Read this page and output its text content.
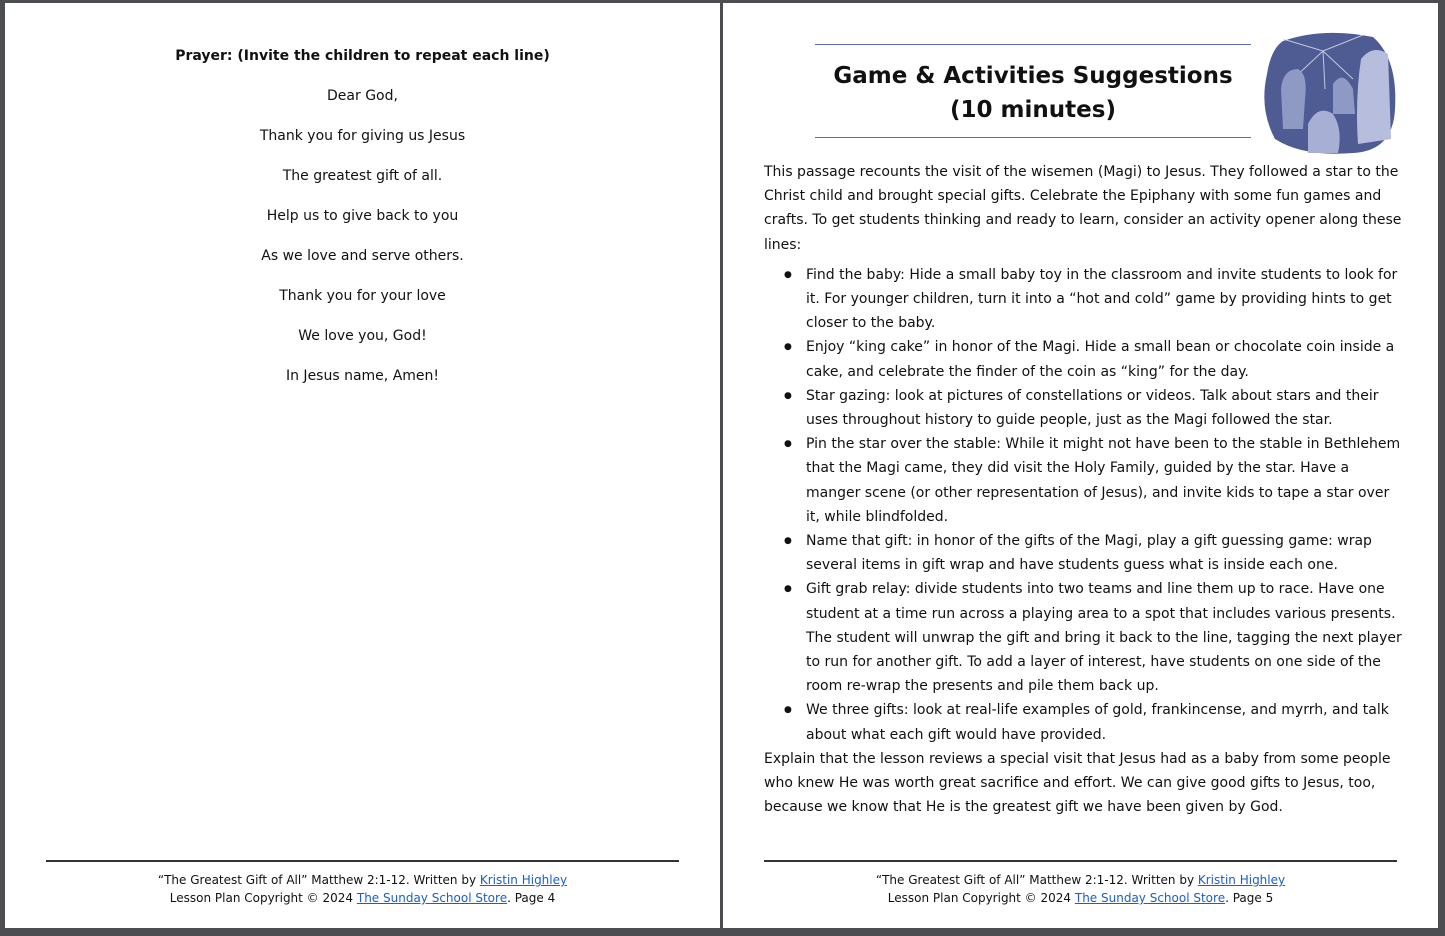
Prayer: (Invite the children to repeat each line)
Dear God,
Thank you for giving us Jesus
The greatest gift of all.
Help us to give back to you
As we love and serve others.
Thank you for your love
We love you, God!
In Jesus name, Amen!
“The Greatest Gift of All” Matthew 2:1-12. Written by Kristin Highley
Lesson Plan Copyright © 2024 The Sunday School Store. Page 4
Game & Activities Suggestions
(10 minutes)

This passage recounts the visit of the wisemen (Magi) to Jesus. They followed a star to the Christ child and brought special gifts. Celebrate the Epiphany with some fun games and crafts. To get students thinking and ready to learn, consider an activity opener along these lines:

● Find the baby: Hide a small baby toy in the classroom and invite students to look for it. For younger children, turn it into a “hot and cold” game by providing hints to get closer to the baby.
● Enjoy “king cake” in honor of the Magi. Hide a small bean or chocolate coin inside a cake, and celebrate the finder of the coin as “king” for the day.
● Star gazing: look at pictures of constellations or videos. Talk about stars and their uses throughout history to guide people, just as the Magi followed the star.
● Pin the star over the stable: While it might not have been to the stable in Bethlehem that the Magi came, they did visit the Holy Family, guided by the star. Have a manger scene (or other representation of Jesus), and invite kids to tape a star over it, while blindfolded.
● Name that gift: in honor of the gifts of the Magi, play a gift guessing game: wrap several items in gift wrap and have students guess what is inside each one.
● Gift grab relay: divide students into two teams and line them up to race. Have one student at a time run across a playing area to a spot that includes various presents. The student will unwrap the gift and bring it back to the line, tagging the next player to run for another gift. To add a layer of interest, have students on one side of the room re-wrap the presents and pile them back up.
● We three gifts: look at real-life examples of gold, frankincense, and myrrh, and talk about what each gift would have provided.

Explain that the lesson reviews a special visit that Jesus had as a baby from some people who knew He was worth great sacrifice and effort. We can give good gifts to Jesus, too, because we know that He is the greatest gift we have been given by God.

“The Greatest Gift of All” Matthew 2:1-12. Written by Kristin Highley
Lesson Plan Copyright © 2024 The Sunday School Store. Page 5
